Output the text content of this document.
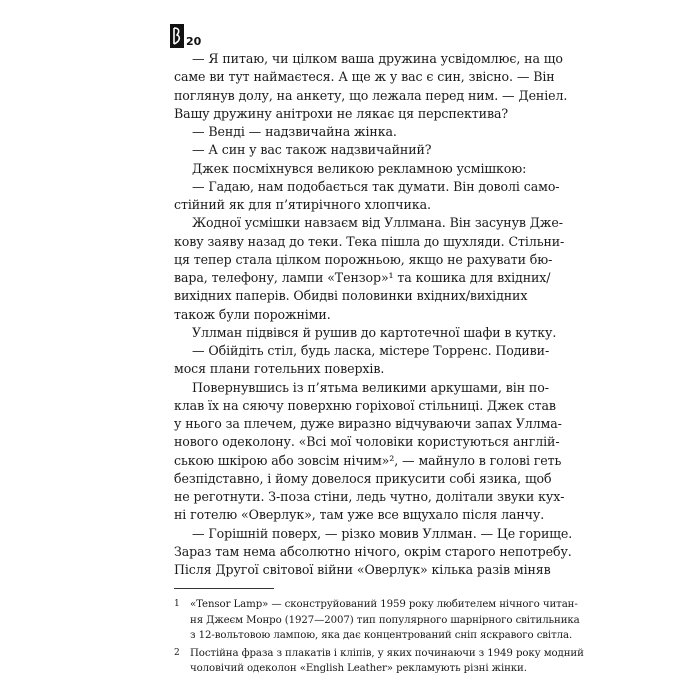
20
— Я питаю, чи цілком ваша дружина усвідомлює, на що
саме ви тут наймаєтеся. А ще ж у вас є син, звісно. — Він
поглянув долу, на анкету, що лежала перед ним. — Деніел.
Вашу дружину анітрохи не лякає ця перспектива?
— Венді — надзвичайна жінка.
— А син у вас також надзвичайний?
Джек посміхнувся великою рекламною усмішкою:
— Гадаю, нам подобається так думати. Він доволі само-
стійний як для п’ятирічного хлопчика.
Жодної усмішки навзаєм від Уллмана. Він засунув Дже-
кову заяву назад до теки. Тека пішла до шухляди. Стільни-
ця тепер стала цілком порожньою, якщо не рахувати бю-
вара, телефону, лампи «Тензор»¹ та кошика для вхідних/
вихідних паперів. Обидві половинки вхідних/вихідних
також були порожніми.
Уллман підвівся й рушив до картотечної шафи в кутку.
— Обійдіть стіл, будь ласка, містере Торренс. Подиви-
мося плани готельних поверхів.
Повернувшись із п’ятьма великими аркушами, він по-
клав їх на сяючу поверхню горіхової стільниці. Джек став
у нього за плечем, дуже виразно відчуваючи запах Уллма-
нового одеколону. «Всі мої чоловіки користуються англій-
ською шкірою або зовсім нічим»², — майнуло в голові геть
безпідставно, і йому довелося прикусити собі язика, щоб
не реготнути. З-поза стіни, ледь чутно, долітали звуки кух-
ні готелю «Оверлук», там уже все вщухало після ланчу.
— Горішній поверх, — різко мовив Уллман. — Це горище.
Зараз там нема абсолютно нічого, окрім старого непотребу.
Після Другої світової війни «Оверлук» кілька разів міняв
1 «Tensor Lamp» — сконструйований 1959 року любителем нічного читан-
ня Джеєм Монро (1927—2007) тип популярного шарнірного світильника
з 12-вольтовою лампою, яка дає концентрований сніп яскравого світла.
2 Постійна фраза з плакатів і кліпів, у яких починаючи з 1949 року модний
чоловічий одеколон «English Leather» рекламують різні жінки.
